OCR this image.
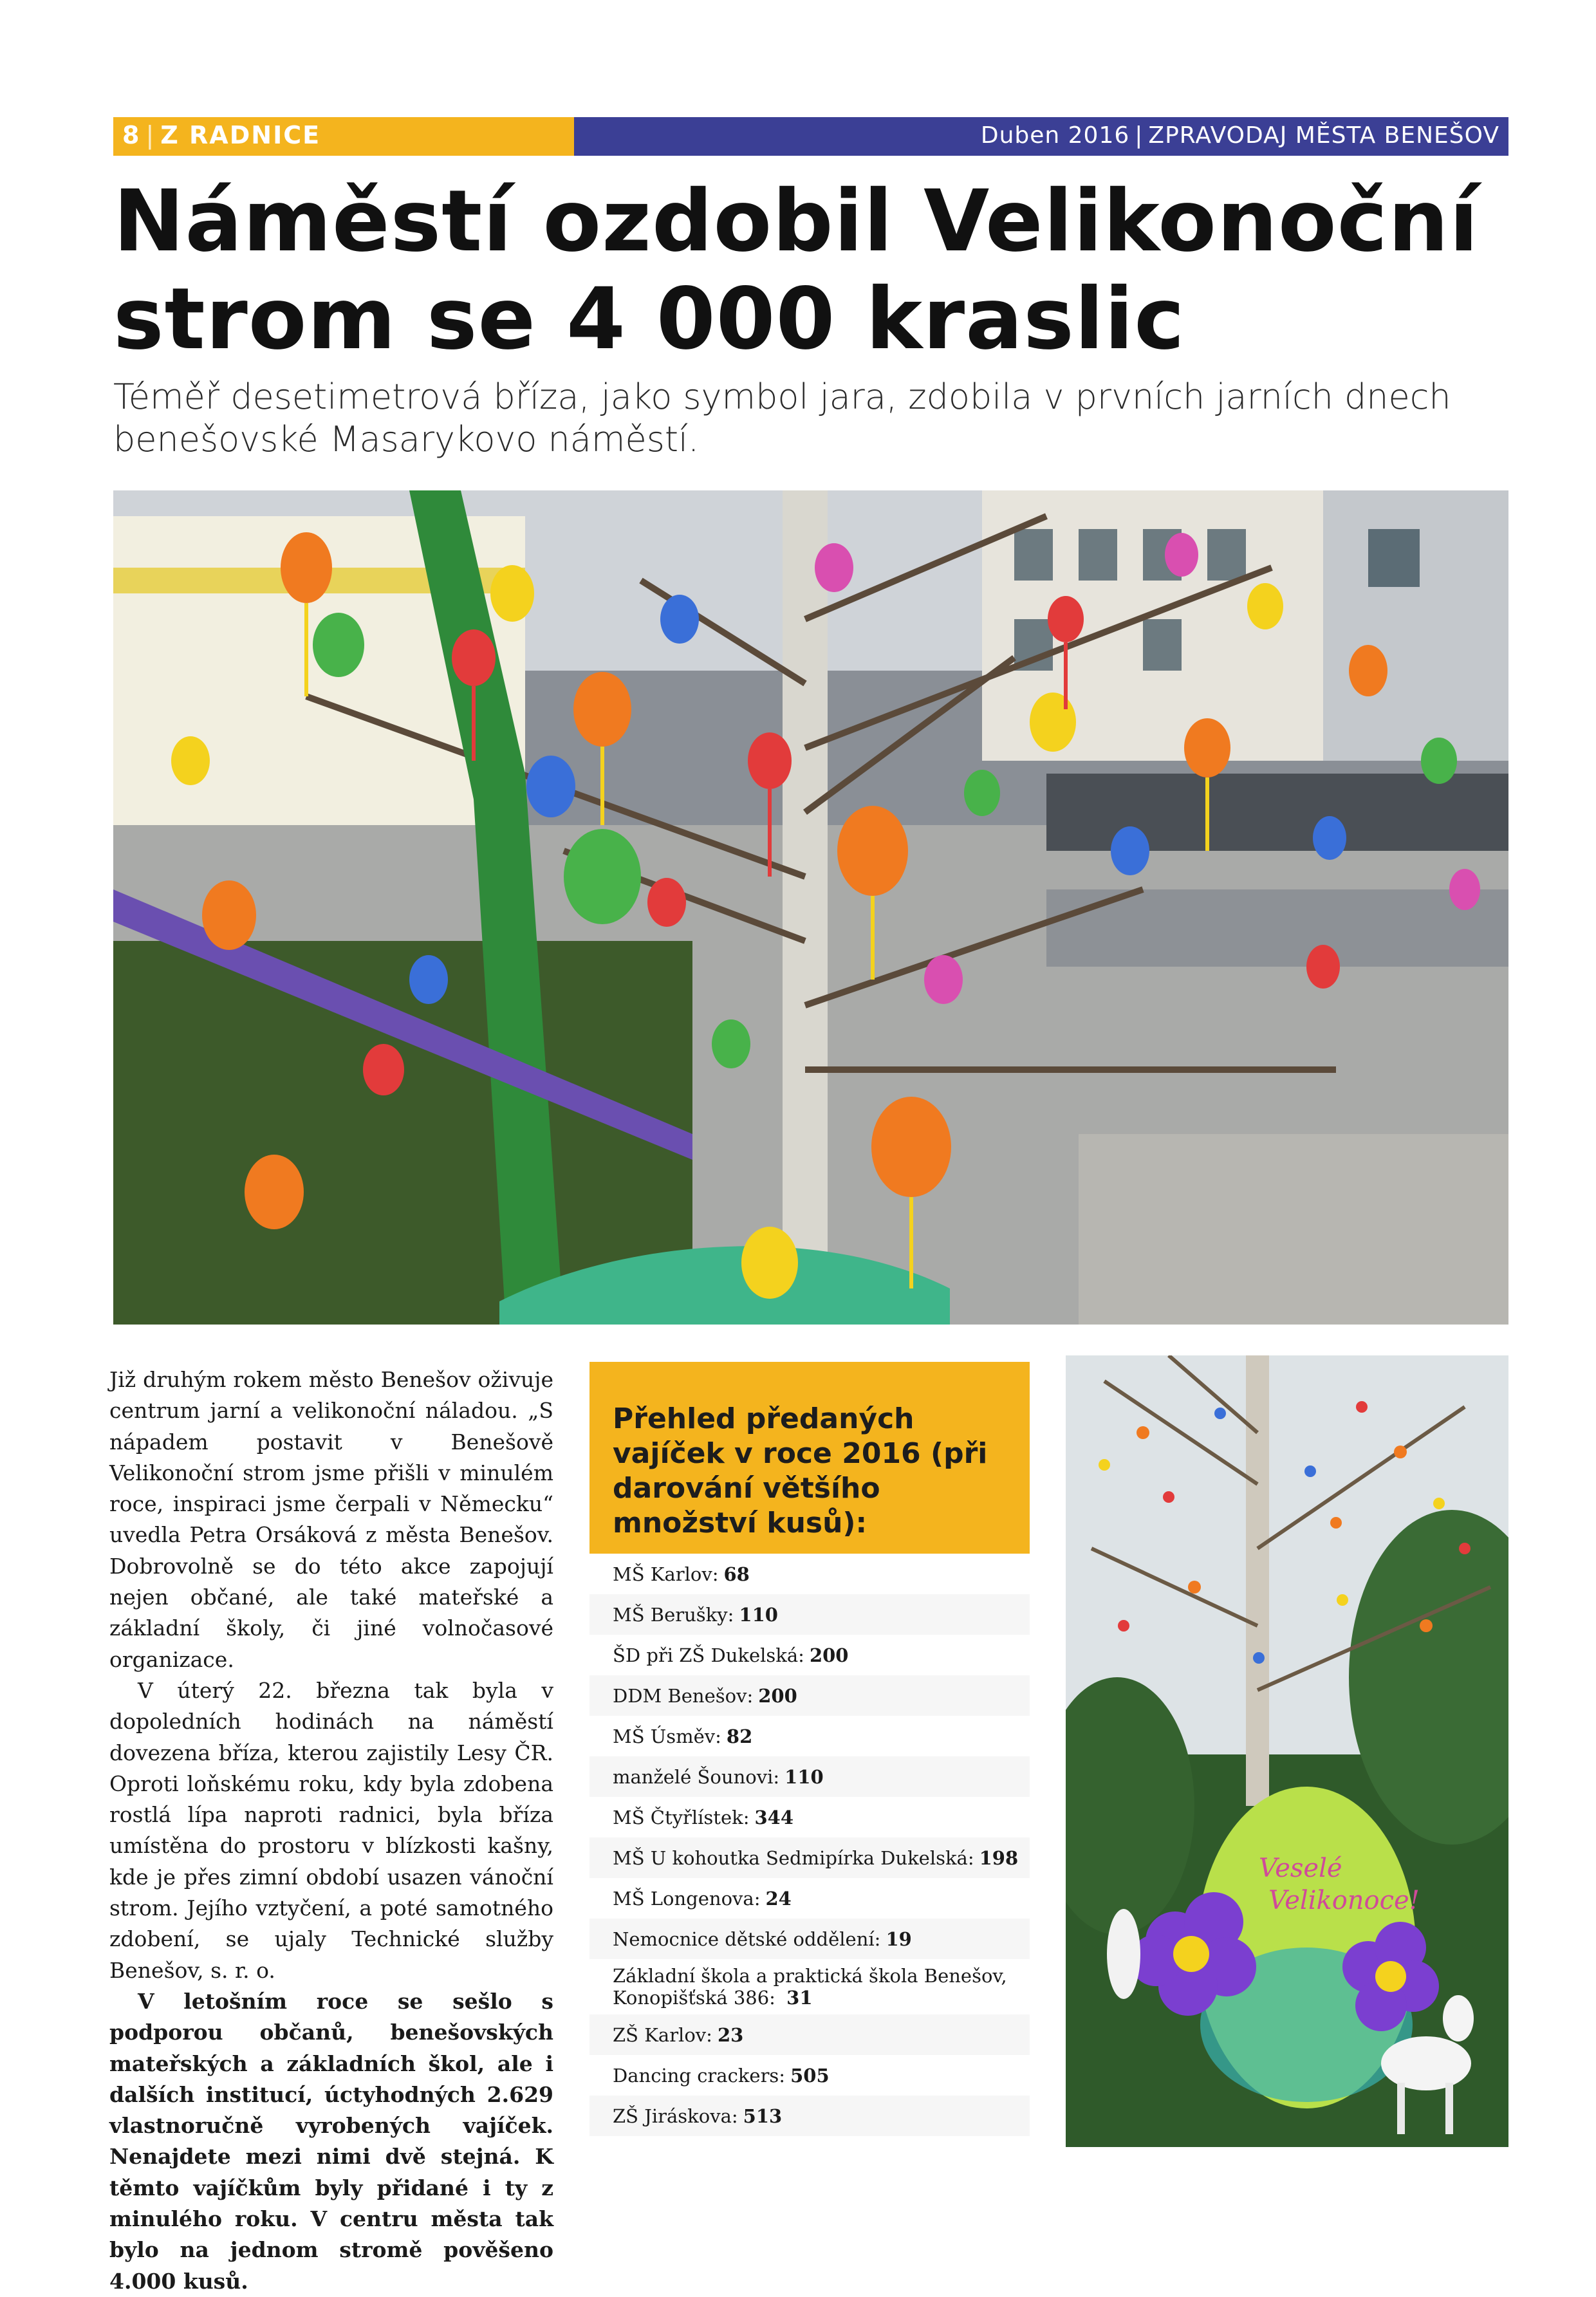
8 | Z RADNICE	Duben 2016 | ZPRAVODAJ MĚSTA BENEŠOV
Náměstí ozdobil Velikonoční
strom se 4 000 kraslic

Téměř desetimetrová bříza, jako symbol jara, zdobila v prvních jarních dnech benešovské Masarykovo náměstí.

Již druhým rokem město Benešov oživuje centrum jarní a velikonoční náladou. „S nápadem postavit v Benešově Velikonoční strom jsme přišli v minulém roce, inspiraci jsme čerpali v Německu“ uvedla Petra Orsáková z města Benešov. Dobrovolně se do této akce zapojují nejen občané, ale také mateřské a základní školy, či jiné volnočasové organizace.

V úterý 22. března tak byla v dopoledních hodinách na náměstí dovezena bříza, kterou zajistily Lesy ČR. Oproti loňskému roku, kdy byla zdobena rostlá lípa naproti radnici, byla bříza umístěna do prostoru v blízkosti kašny, kde je přes zimní období usazen vánoční strom. Jejího vztyčení, a poté samotného zdobení, se ujaly Technické služby Benešov, s. r. o.

V letošním roce se sešlo s podporou občanů, benešovských mateřských a základních škol, ale i dalších institucí, úctyhodných 2.629 vlastnoručně vyrobených vajíček. Nenajdete mezi nimi dvě stejná. K těmto vajíčkům byly přidané i ty z minulého roku. V centru města tak bylo na jednom stromě pověšeno 4.000 kusů.

Přehled předaných vajíček v roce 2016 (při darování většího množství kusů):
MŠ Karlov: 68
MŠ Berušky: 110
ŠD při ZŠ Dukelská: 200
DDM Benešov: 200
MŠ Úsměv: 82
manželé Šounovi: 110
MŠ Čtyřlístek: 344
MŠ U kohoutka Sedmipírka Dukelská: 198
MŠ Longenova: 24
Nemocnice dětské oddělení: 19
Základní škola a praktická škola Benešov, Konopišťská 386: 31
ZŠ Karlov: 23
Dancing crackers: 505
ZŠ Jiráskova: 513
Veselé
Velikonoce!
